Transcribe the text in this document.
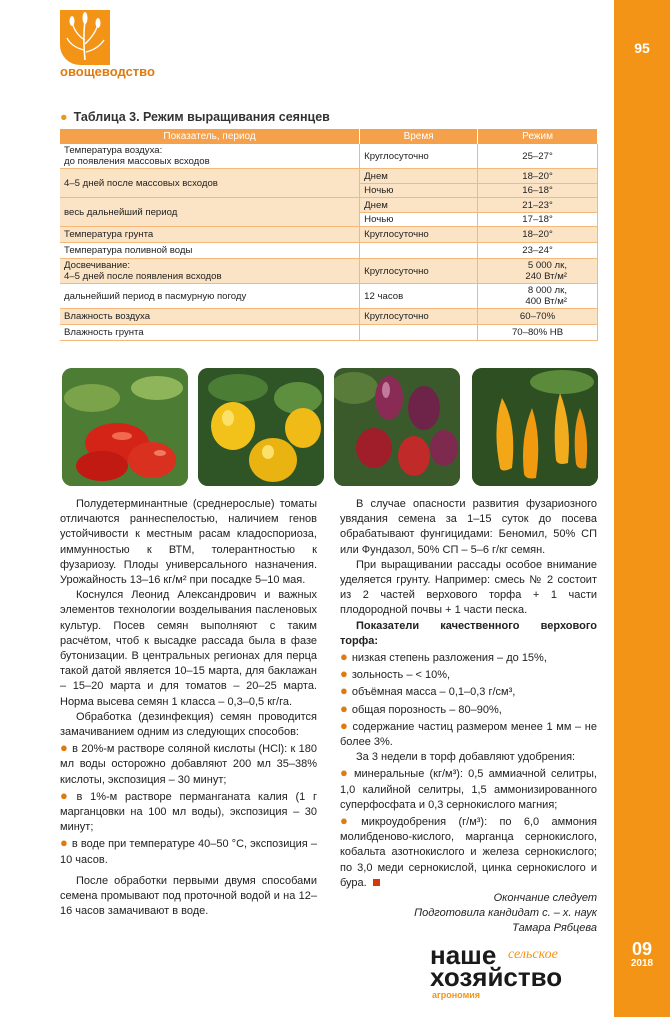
95
09
2018
овощеводство
● Таблица 3. Режим выращивания сеянцев
Показатель, период	Время	Режим
Температура воздуха:
до появления массовых всходов	Круглосуточно	25–27°
4–5 дней после массовых всходов	Днем	18–20°
	Ночью	16–18°
весь дальнейший период	Днем	21–23°
	Ночью	17–18°
Температура грунта	Круглосуточно	18–20°
Температура поливной воды		23–24°
Досвечивание:
4–5 дней после появления всходов	Круглосуточно	5 000 лк,
240 Вт/м²
дальнейший период в пасмурную погоду	12 часов	8 000 лк,
400 Вт/м²
Влажность воздуха	Круглосуточно	60–70%
Влажность грунта		70–80% НВ

Полудетерминантные (среднерослые) томаты отличаются раннеспелостью, наличием генов устойчивости к местным расам кладоспориоза, иммунностью к ВТМ, толерантностью к фузариозу. Плоды универсального назначения. Урожайность 13–16 кг/м² при посадке 5–10 мая.

Коснулся Леонид Александрович и важных элементов технологии возделывания пасленовых культур. Посев семян выполняют с таким расчётом, чтоб к высадке рассада была в фазе бутонизации. В центральных регионах для перца такой датой является 10–15 марта, для баклажан – 15–20 марта и для томатов – 20–25 марта. Норма высева семян 1 класса – 0,3–0,5 кг/га.

Обработка (дезинфекция) семян проводится замачиванием одним из следующих способов:

● в 20%-м растворе соляной кислоты (HCl): к 180 мл воды осторожно добавляют 200 мл 35–38% кислоты, экспозиция – 30 минут;

● в 1%-м растворе перманганата калия (1 г марганцовки на 100 мл воды), экспозиция – 30 минут;

● в воде при температуре 40–50 °С, экспозиция – 10 часов.

После обработки первыми двумя способами семена промывают под проточной водой и на 12–16 часов замачивают в воде.

В случае опасности развития фузариозного увядания семена за 1–15 суток до посева обрабатывают фунгицидами: Беномил, 50% СП или Фундазол, 50% СП – 5–6 г/кг семян.

При выращивании рассады особое внимание уделяется грунту. Например: смесь № 2 состоит из 2 частей верхового торфа + 1 части плодородной почвы + 1 части песка.

Показатели качественного верхового торфа:

● низкая степень разложения – до 15%,

● зольность – < 10%,

● объёмная масса – 0,1–0,3 г/см³,

● общая порозность – 80–90%,

● содержание частиц размером менее 1 мм – не более 3%.

За 3 недели в торф добавляют удобрения:

● минеральные (кг/м³): 0,5 аммиачной селитры, 1,0 калийной селитры, 1,5 аммонизированного суперфосфата и 0,3 сернокислого магния;

● микроудобрения (г/м³): по 6,0 аммония молибденово-кислого, марганца сернокислого, кобальта азотнокислого и железа сернокислого; по 3,0 меди сернокислой, цинка сернокислого и бура.

Окончание следует

Подготовила кандидат с. – х. наук

Тамара Рябцева

наше сельское
хозяйство
агрономия
